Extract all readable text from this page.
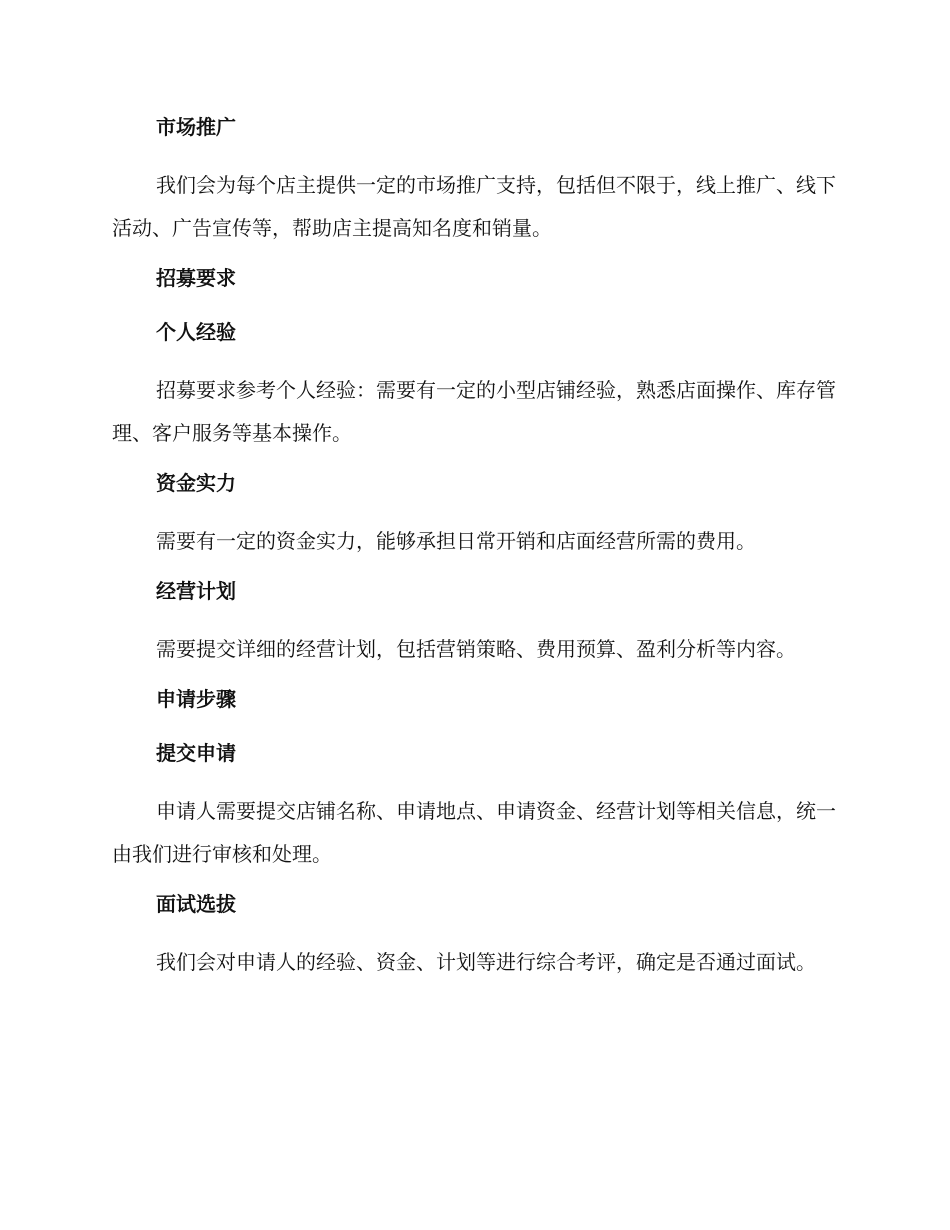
市场推广

我们会为每个店主提供一定的市场推广支持，包括但不限于，线上推广、线下活动、广告宣传等，帮助店主提高知名度和销量。

招募要求
个人经验

招募要求参考个人经验：需要有一定的小型店铺经验，熟悉店面操作、库存管理、客户服务等基本操作。

资金实力

需要有一定的资金实力，能够承担日常开销和店面经营所需的费用。

经营计划

需要提交详细的经营计划，包括营销策略、费用预算、盈利分析等内容。

申请步骤
提交申请

申请人需要提交店铺名称、申请地点、申请资金、经营计划等相关信息，统一由我们进行审核和处理。

面试选拔

我们会对申请人的经验、资金、计划等进行综合考评，确定是否通过面试。
